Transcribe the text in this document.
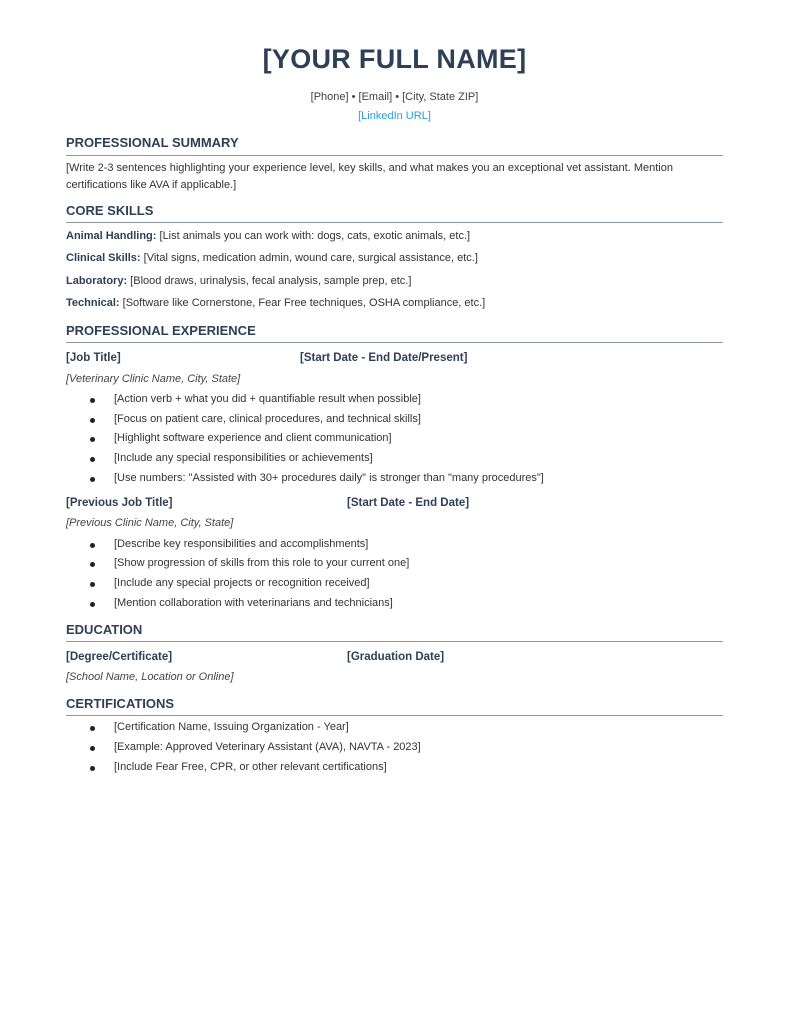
[YOUR FULL NAME]
[Phone] • [Email] • [City, State ZIP]
[LinkedIn URL]
PROFESSIONAL SUMMARY
[Write 2-3 sentences highlighting your experience level, key skills, and what makes you an exceptional vet assistant. Mention
certifications like AVA if applicable.]
CORE SKILLS
Animal Handling: [List animals you can work with: dogs, cats, exotic animals, etc.]
Clinical Skills: [Vital signs, medication admin, wound care, surgical assistance, etc.]
Laboratory: [Blood draws, urinalysis, fecal analysis, sample prep, etc.]
Technical: [Software like Cornerstone, Fear Free techniques, OSHA compliance, etc.]
PROFESSIONAL EXPERIENCE
[Job Title]	[Start Date - End Date/Present]
[Veterinary Clinic Name, City, State]
[Action verb + what you did + quantifiable result when possible]
[Focus on patient care, clinical procedures, and technical skills]
[Highlight software experience and client communication]
[Include any special responsibilities or achievements]
[Use numbers: "Assisted with 30+ procedures daily" is stronger than "many procedures"]
[Previous Job Title]	[Start Date - End Date]
[Previous Clinic Name, City, State]
[Describe key responsibilities and accomplishments]
[Show progression of skills from this role to your current one]
[Include any special projects or recognition received]
[Mention collaboration with veterinarians and technicians]
EDUCATION
[Degree/Certificate]	[Graduation Date]
[School Name, Location or Online]
CERTIFICATIONS
[Certification Name, Issuing Organization - Year]
[Example: Approved Veterinary Assistant (AVA), NAVTA - 2023]
[Include Fear Free, CPR, or other relevant certifications]
